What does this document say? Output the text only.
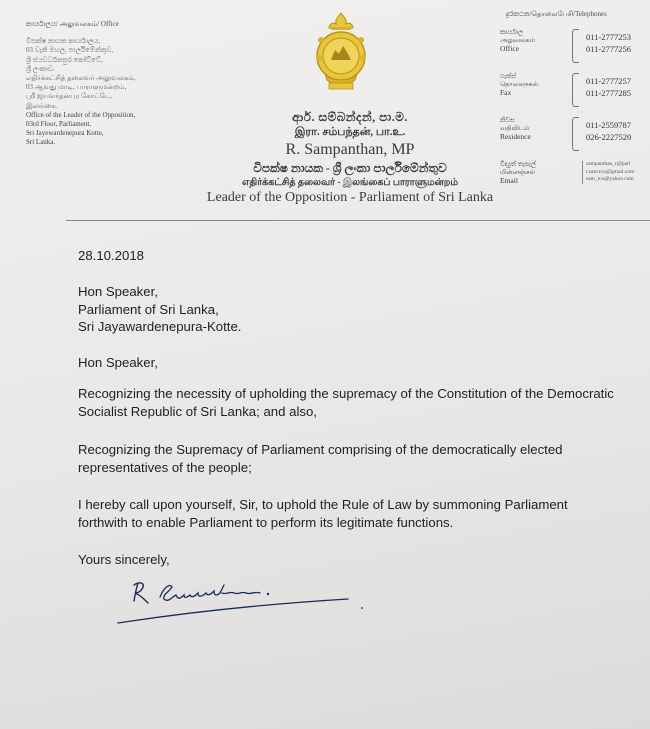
කාර්යාලය/ அலுவலகம்/ Office
විපක්ෂ නායක කාර්යාලය,
03 වැනි මහල, පාර්ලිමේන්තුව,
ශ්‍රී ජයවර්ධනපුර කෝට්ටේ,
ශ්‍රී ලංකාව.
எதிர்க்கட்சித் தலைவர் அலுவலகம்,
03 ஆவது மாடி, பாராளுமன்றம்,
ஸ்ரீ ஜயவர்தனபுர கோட்டே,
இலங்கை.
Office of the Leader of the Opposition,
03rd Floor, Parliament,
Sri Jayewardenepura Kotte,
Sri Lanka.
ආර්. සම්බන්දන්, පා.ම.
இரா. சம்பந்தன், பா.உ.
R. Sampanthan, MP
විපක්ෂ නායක - ශ්‍රී ලංකා පාර්ලිමේන්තුව
எதிர்க்கட்சித் தலைவர் - இலங்கைப் பாராளுமன்றம்
Leader of the Opposition - Parliament of Sri Lanka
දුරකථන/தொலைபேசி/Telephones
කාර්යාල
அலுவலகம்
Office
011-2777253
011-2777256
ෆැක්ස්
தொலைநகல்
Fax
011-2777257
011-2777285
නිවස
வதிவிடம்
Residence
011-2559787
026-2227520
විද්‍යුත් තැපැල්
மின்னஞ்சல்
Email
sampanthan_r@parl
r.sam.tco@gmail.com
sam_tco@yahoo.com
28.10.2018
Hon Speaker,
Parliament of Sri Lanka,
Sri Jayawardenepura-Kotte.
Hon Speaker,
Recognizing the necessity of upholding the supremacy of the Constitution of the Democratic Socialist Republic of Sri Lanka; and also,
Recognizing the Supremacy of Parliament comprising of the democratically elected representatives of the people;
I hereby call upon yourself, Sir, to uphold the Rule of Law by summoning Parliament forthwith to enable Parliament to perform its legitimate functions.
Yours sincerely,
